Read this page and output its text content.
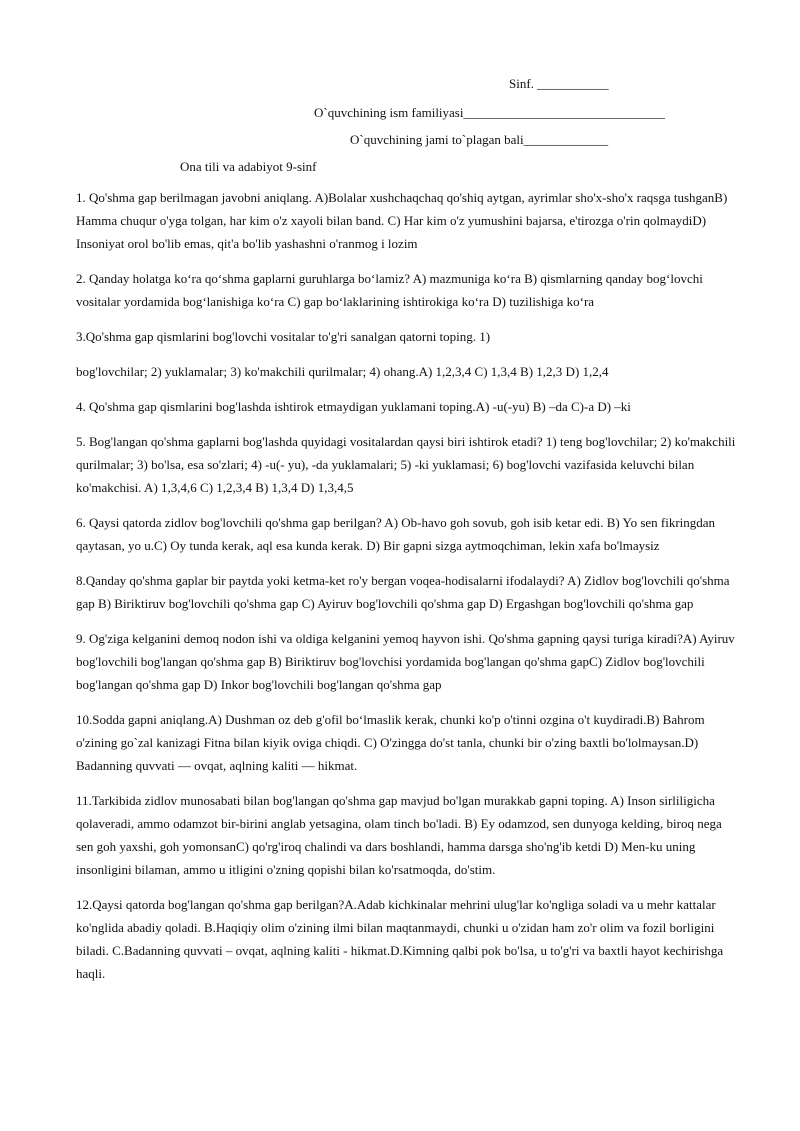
Sinf. ___________
O`quvchining ism familiyasi_______________________________
O`quvchining jami to`plagan bali_____________
Ona tili va adabiyot 9-sinf

1. Qo'shma gap berilmagan javobni aniqlang. A)Bolalar xushchaqchaq qo'shiq aytgan, ayrimlar sho'x-sho'x raqsga tushganB) Hamma chuqur o'yga tolgan, har kim o'z xayoli bilan band. C) Har kim o'z yumushini bajarsa, e'tirozga o'rin qolmaydiD) Insoniyat orol bo'lib emas, qit'a bo'lib yashashni o'ranmog i lozim

2. Qanday holatga koʻra qoʻshma gaplarni guruhlarga boʻlamiz? A) mazmuniga koʻra B) qismlarning qanday bogʻlovchi vositalar yordamida bogʻlanishiga koʻra C) gap boʻlaklarining ishtirokiga koʻra D) tuzilishiga koʻra

3.Qo'shma gap qismlarini bog'lovchi vositalar to'g'ri sanalgan qatorni toping. 1)

bog'lovchilar; 2) yuklamalar; 3) ko'makchili qurilmalar; 4) ohang.A) 1,2,3,4 C) 1,3,4 B) 1,2,3 D) 1,2,4

4. Qo'shma gap qismlarini bog'lashda ishtirok etmaydigan yuklamani toping.A) -u(-yu) B) –da C)-a D) –ki

5. Bog'langan qo'shma gaplarni bog'lashda quyidagi vositalardan qaysi biri ishtirok etadi? 1) teng bog'lovchilar; 2) ko'makchili qurilmalar; 3) bo'lsa, esa so'zlari; 4) -u(- yu), -da yuklamalari; 5) -ki yuklamasi; 6) bog'lovchi vazifasida keluvchi bilan ko'makchisi. A) 1,3,4,6 C) 1,2,3,4 B) 1,3,4 D) 1,3,4,5

6. Qaysi qatorda zidlov bog'lovchili qo'shma gap berilgan? A) Ob-havo goh sovub, goh isib ketar edi. B) Yo sen fikringdan qaytasan, yo u.C) Oy tunda kerak, aql esa kunda kerak. D) Bir gapni sizga aytmoqchiman, lekin xafa bo'lmaysiz

8.Qanday qo'shma gaplar bir paytda yoki ketma-ket ro'y bergan voqea-hodisalarni ifodalaydi? A) Zidlov bog'lovchili qo'shma gap B) Biriktiruv bog'lovchili qo'shma gap C) Ayiruv bog'lovchili qo'shma gap D) Ergashgan bog'lovchili qo'shma gap

9. Og'ziga kelganini demoq nodon ishi va oldiga kelganini yemoq hayvon ishi. Qo'shma gapning qaysi turiga kiradi?A) Ayiruv bog'lovchili bog'langan qo'shma gap B) Biriktiruv bog'lovchisi yordamida bog'langan qo'shma gapC) Zidlov bog'lovchili bog'langan qo'shma gap D) Inkor bog'lovchili bog'langan qo'shma gap

10.Sodda gapni aniqlang.A) Dushman oz deb g'ofil boʻlmaslik kerak, chunki ko'p o'tinni ozgina o't kuydiradi.B) Bahrom o'zining go`zal kanizagi Fitna bilan kiyik oviga chiqdi. C) O'zingga do'st tanla, chunki bir o'zing baxtli bo'lolmaysan.D) Badanning quvvati — ovqat, aqlning kaliti — hikmat.

11.Tarkibida zidlov munosabati bilan bog'langan qo'shma gap mavjud bo'lgan murakkab gapni toping. A) Inson sirliligicha qolaveradi, ammo odamzot bir-birini anglab yetsagina, olam tinch bo'ladi. B) Ey odamzod, sen dunyoga kelding, biroq nega sen goh yaxshi, goh yomonsanC) qo'rg'iroq chalindi va dars boshlandi, hamma darsga sho'ng'ib ketdi D) Men-ku uning insonligini bilaman, ammo u itligini o'zning qopishi bilan ko'rsatmoqda, do'stim.

12.Qaysi qatorda bog'langan qo'shma gap berilgan?A.Adab kichkinalar mehrini ulug'lar ko'ngliga soladi va u mehr kattalar ko'nglida abadiy qoladi. B.Haqiqiy olim o'zining ilmi bilan maqtanmaydi, chunki u o'zidan ham zo'r olim va fozil borligini biladi. C.Badanning quvvati – ovqat, aqlning kaliti - hikmat.D.Kimning qalbi pok bo'lsa, u to'g'ri va baxtli hayot kechirishga haqli.
